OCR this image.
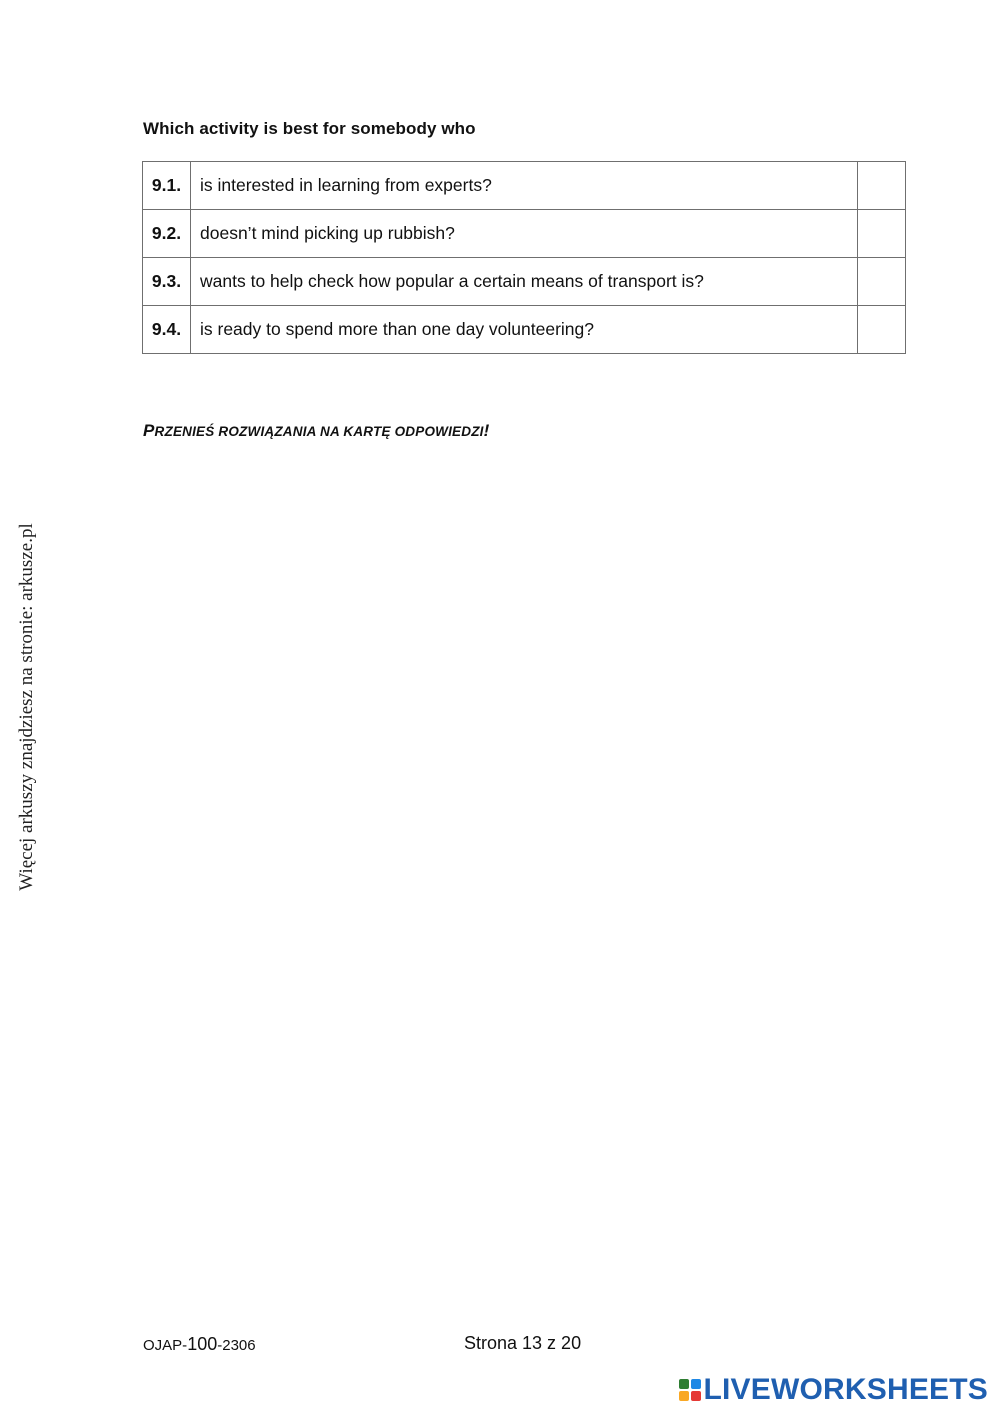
Which activity is best for somebody who
9.1.	is interested in learning from experts?	
9.2.	doesn’t mind picking up rubbish?	
9.3.	wants to help check how popular a certain means of transport is?	
9.4.	is ready to spend more than one day volunteering?	
PRZENIEŚ ROZWIĄZANIA NA KARTĘ ODPOWIEDZI!
Więcej arkuszy znajdziesz na stronie: arkusze.pl
OJAP-100-2306	Strona 13 z 20
LIVEWORKSHEETS
